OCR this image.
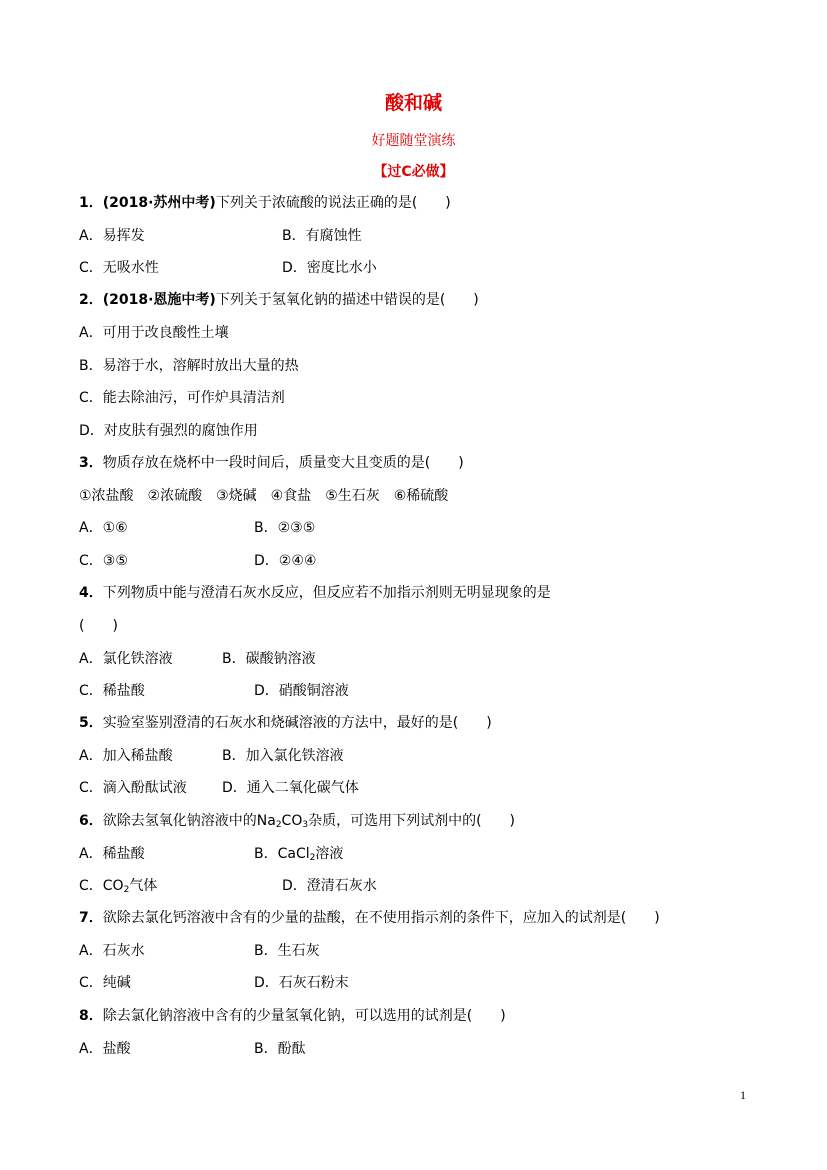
酸和碱
好题随堂演练
【过C必做】
1．(2018·苏州中考)下列关于浓硫酸的说法正确的是(　　)
A．易挥发	B．有腐蚀性
C．无吸水性	D．密度比水小
2．(2018·恩施中考)下列关于氢氧化钠的描述中错误的是(　　)
A．可用于改良酸性土壤
B．易溶于水，溶解时放出大量的热
C．能去除油污，可作炉具清洁剂
D．对皮肤有强烈的腐蚀作用
3．物质存放在烧杯中一段时间后，质量变大且变质的是(　　)
①浓盐酸　②浓硫酸　③烧碱　④食盐　⑤生石灰　⑥稀硫酸
A．①⑥	B．②③⑤
C．③⑤	D．②④④
4．下列物质中能与澄清石灰水反应，但反应若不加指示剂则无明显现象的是
(　　)
A．氯化铁溶液	B．碳酸钠溶液
C．稀盐酸	D．硝酸铜溶液
5．实验室鉴别澄清的石灰水和烧碱溶液的方法中，最好的是(　　)
A．加入稀盐酸	B．加入氯化铁溶液
C．滴入酚酞试液	D．通入二氧化碳气体
6．欲除去氢氧化钠溶液中的$Na_2CO_3$杂质，可选用下列试剂中的(　　)
A．稀盐酸	B．CaCl$_2$溶液
C．$CO_2$气体	D．澄清石灰水
7．欲除去氯化钙溶液中含有的少量的盐酸，在不使用指示剂的条件下，应加入的试剂是(　　)
A．石灰水	B．生石灰
C．纯碱	D．石灰石粉末
8．除去氯化钠溶液中含有的少量氢氧化钠，可以选用的试剂是(　　)
A．盐酸	B．酚酞
1
